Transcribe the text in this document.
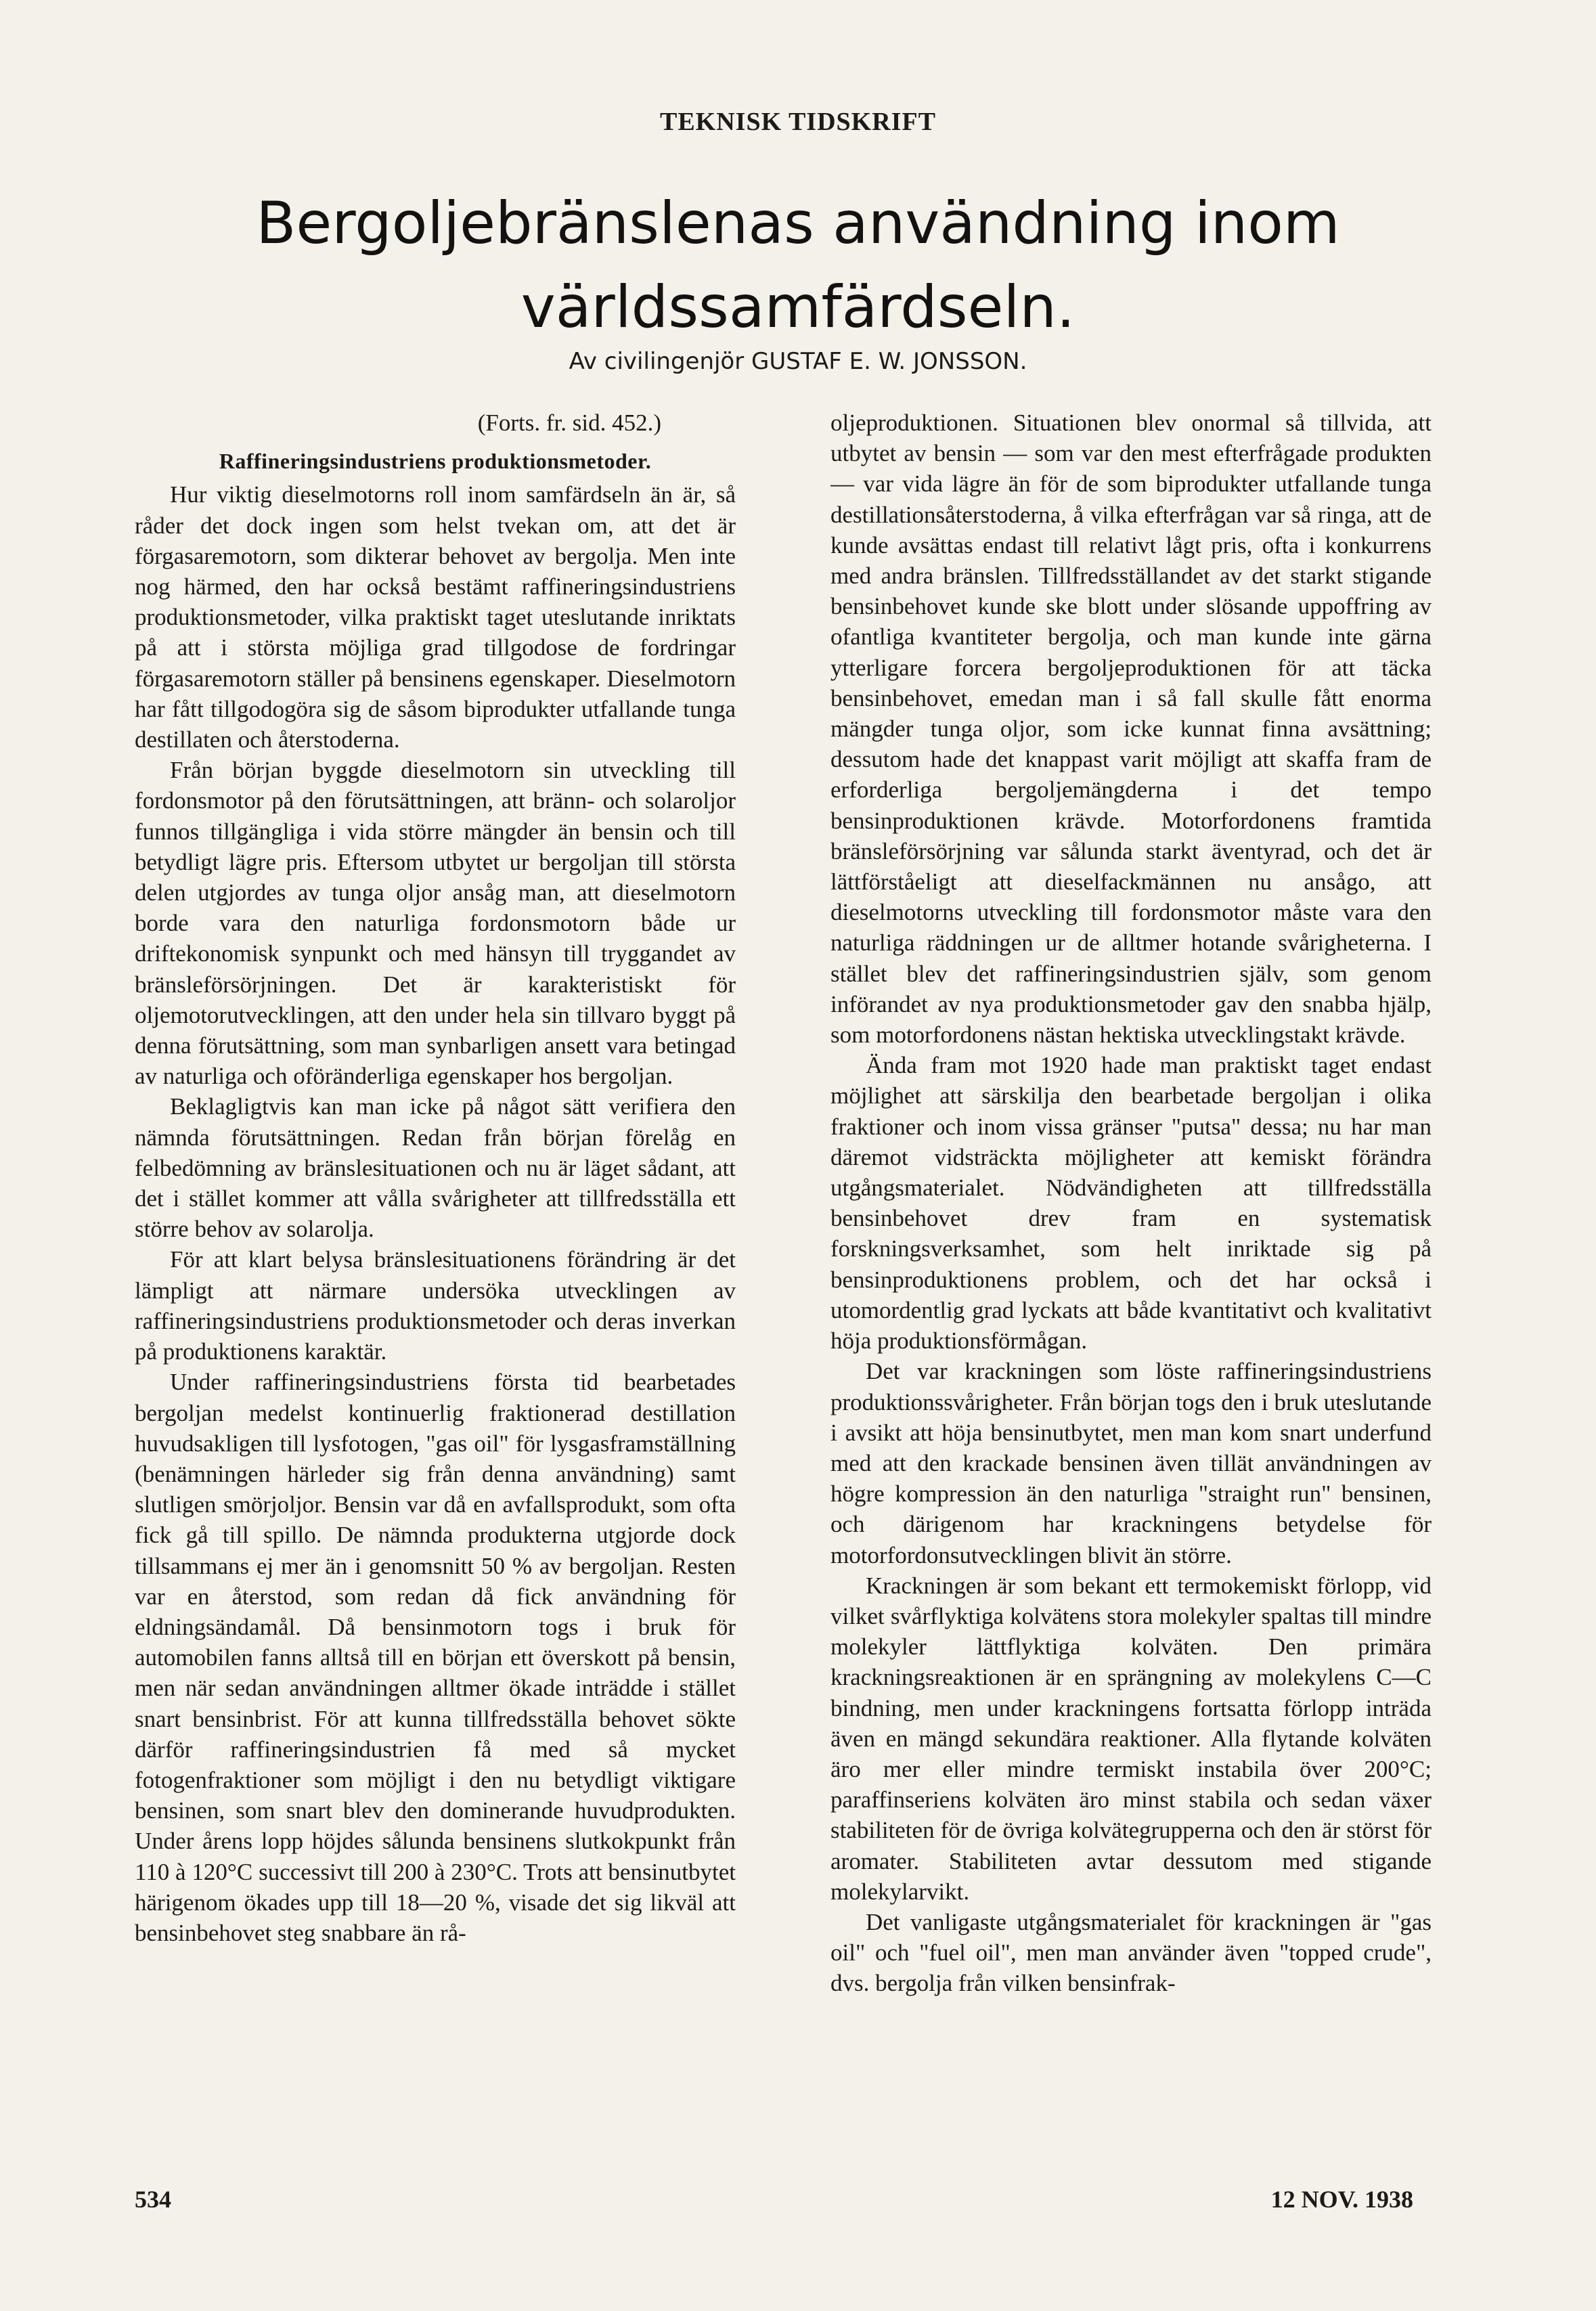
TEKNISK TIDSKRIFT
Bergoljebränslenas användning inom
världssamfärdseln.
Av civilingenjör GUSTAF E. W. JONSSON.

(Forts. fr. sid. 452.)

Raffineringsindustriens produktionsmetoder.

Hur viktig dieselmotorns roll inom samfärdseln än är, så råder det dock ingen som helst tvekan om, att det är förgasaremotorn, som dikterar behovet av bergolja. Men inte nog härmed, den har också bestämt raffineringsindustriens produktionsmetoder, vilka praktiskt taget uteslutande inriktats på att i största möjliga grad tillgodose de fordringar förgasaremotorn ställer på bensinens egenskaper. Dieselmotorn har fått tillgodogöra sig de såsom biprodukter utfallande tunga destillaten och återstoderna.

Från början byggde dieselmotorn sin utveckling till fordonsmotor på den förutsättningen, att bränn- och solaroljor funnos tillgängliga i vida större mängder än bensin och till betydligt lägre pris. Eftersom utbytet ur bergoljan till största delen utgjordes av tunga oljor ansåg man, att dieselmotorn borde vara den naturliga fordonsmotorn både ur driftekonomisk synpunkt och med hänsyn till tryggandet av bränsleförsörjningen. Det är karakteristiskt för oljemotorutvecklingen, att den under hela sin tillvaro byggt på denna förutsättning, som man synbarligen ansett vara betingad av naturliga och oföränderliga egenskaper hos bergoljan.

Beklagligtvis kan man icke på något sätt verifiera den nämnda förutsättningen. Redan från början förelåg en felbedömning av bränslesituationen och nu är läget sådant, att det i stället kommer att vålla svårigheter att tillfredsställa ett större behov av solarolja.

För att klart belysa bränslesituationens förändring är det lämpligt att närmare undersöka utvecklingen av raffineringsindustriens produktionsmetoder och deras inverkan på produktionens karaktär.

Under raffineringsindustriens första tid bearbetades bergoljan medelst kontinuerlig fraktionerad destillation huvudsakligen till lysfotogen, "gas oil" för lysgasframställning (benämningen härleder sig från denna användning) samt slutligen smörjoljor. Bensin var då en avfallsprodukt, som ofta fick gå till spillo. De nämnda produkterna utgjorde dock tillsammans ej mer än i genomsnitt 50 % av bergoljan. Resten var en återstod, som redan då fick användning för eldningsändamål. Då bensinmotorn togs i bruk för automobilen fanns alltså till en början ett överskott på bensin, men när sedan användningen alltmer ökade inträdde i stället snart bensinbrist. För att kunna tillfredsställa behovet sökte därför raffineringsindustrien få med så mycket fotogenfraktioner som möjligt i den nu betydligt viktigare bensinen, som snart blev den dominerande huvudprodukten. Under årens lopp höjdes sålunda bensinens slutkokpunkt från 110 à 120°C successivt till 200 à 230°C. Trots att bensinutbytet härigenom ökades upp till 18—20 %, visade det sig likväl att bensinbehovet steg snabbare än rå-

oljeproduktionen. Situationen blev onormal så tillvida, att utbytet av bensin — som var den mest efterfrågade produkten — var vida lägre än för de som biprodukter utfallande tunga destillationsåterstoderna, å vilka efterfrågan var så ringa, att de kunde avsättas endast till relativt lågt pris, ofta i konkurrens med andra bränslen. Tillfredsställandet av det starkt stigande bensinbehovet kunde ske blott under slösande uppoffring av ofantliga kvantiteter bergolja, och man kunde inte gärna ytterligare forcera bergoljeproduktionen för att täcka bensinbehovet, emedan man i så fall skulle fått enorma mängder tunga oljor, som icke kunnat finna avsättning; dessutom hade det knappast varit möjligt att skaffa fram de erforderliga bergoljemängderna i det tempo bensinproduktionen krävde. Motorfordonens framtida bränsleförsörjning var sålunda starkt äventyrad, och det är lättförståeligt att dieselfackmännen nu ansågo, att dieselmotorns utveckling till fordonsmotor måste vara den naturliga räddningen ur de alltmer hotande svårigheterna. I stället blev det raffineringsindustrien själv, som genom införandet av nya produktionsmetoder gav den snabba hjälp, som motorfordonens nästan hektiska utvecklingstakt krävde.

Ända fram mot 1920 hade man praktiskt taget endast möjlighet att särskilja den bearbetade bergoljan i olika fraktioner och inom vissa gränser "putsa" dessa; nu har man däremot vidsträckta möjligheter att kemiskt förändra utgångsmaterialet. Nödvändigheten att tillfredsställa bensinbehovet drev fram en systematisk forskningsverksamhet, som helt inriktade sig på bensinproduktionens problem, och det har också i utomordentlig grad lyckats att både kvantitativt och kvalitativt höja produktionsförmågan.

Det var krackningen som löste raffineringsindustriens produktionssvårigheter. Från början togs den i bruk uteslutande i avsikt att höja bensinutbytet, men man kom snart underfund med att den krackade bensinen även tillät användningen av högre kompression än den naturliga "straight run" bensinen, och därigenom har krackningens betydelse för motorfordonsutvecklingen blivit än större.

Krackningen är som bekant ett termokemiskt förlopp, vid vilket svårflyktiga kolvätens stora molekyler spaltas till mindre molekyler lättflyktiga kolväten. Den primära krackningsreaktionen är en sprängning av molekylens C—C bindning, men under krackningens fortsatta förlopp inträda även en mängd sekundära reaktioner. Alla flytande kolväten äro mer eller mindre termiskt instabila över 200°C; paraffinseriens kolväten äro minst stabila och sedan växer stabiliteten för de övriga kolvätegrupperna och den är störst för aromater. Stabiliteten avtar dessutom med stigande molekylarvikt.

Det vanligaste utgångsmaterialet för krackningen är "gas oil" och "fuel oil", men man använder även "topped crude", dvs. bergolja från vilken bensinfrak-

534	12 NOV. 1938
